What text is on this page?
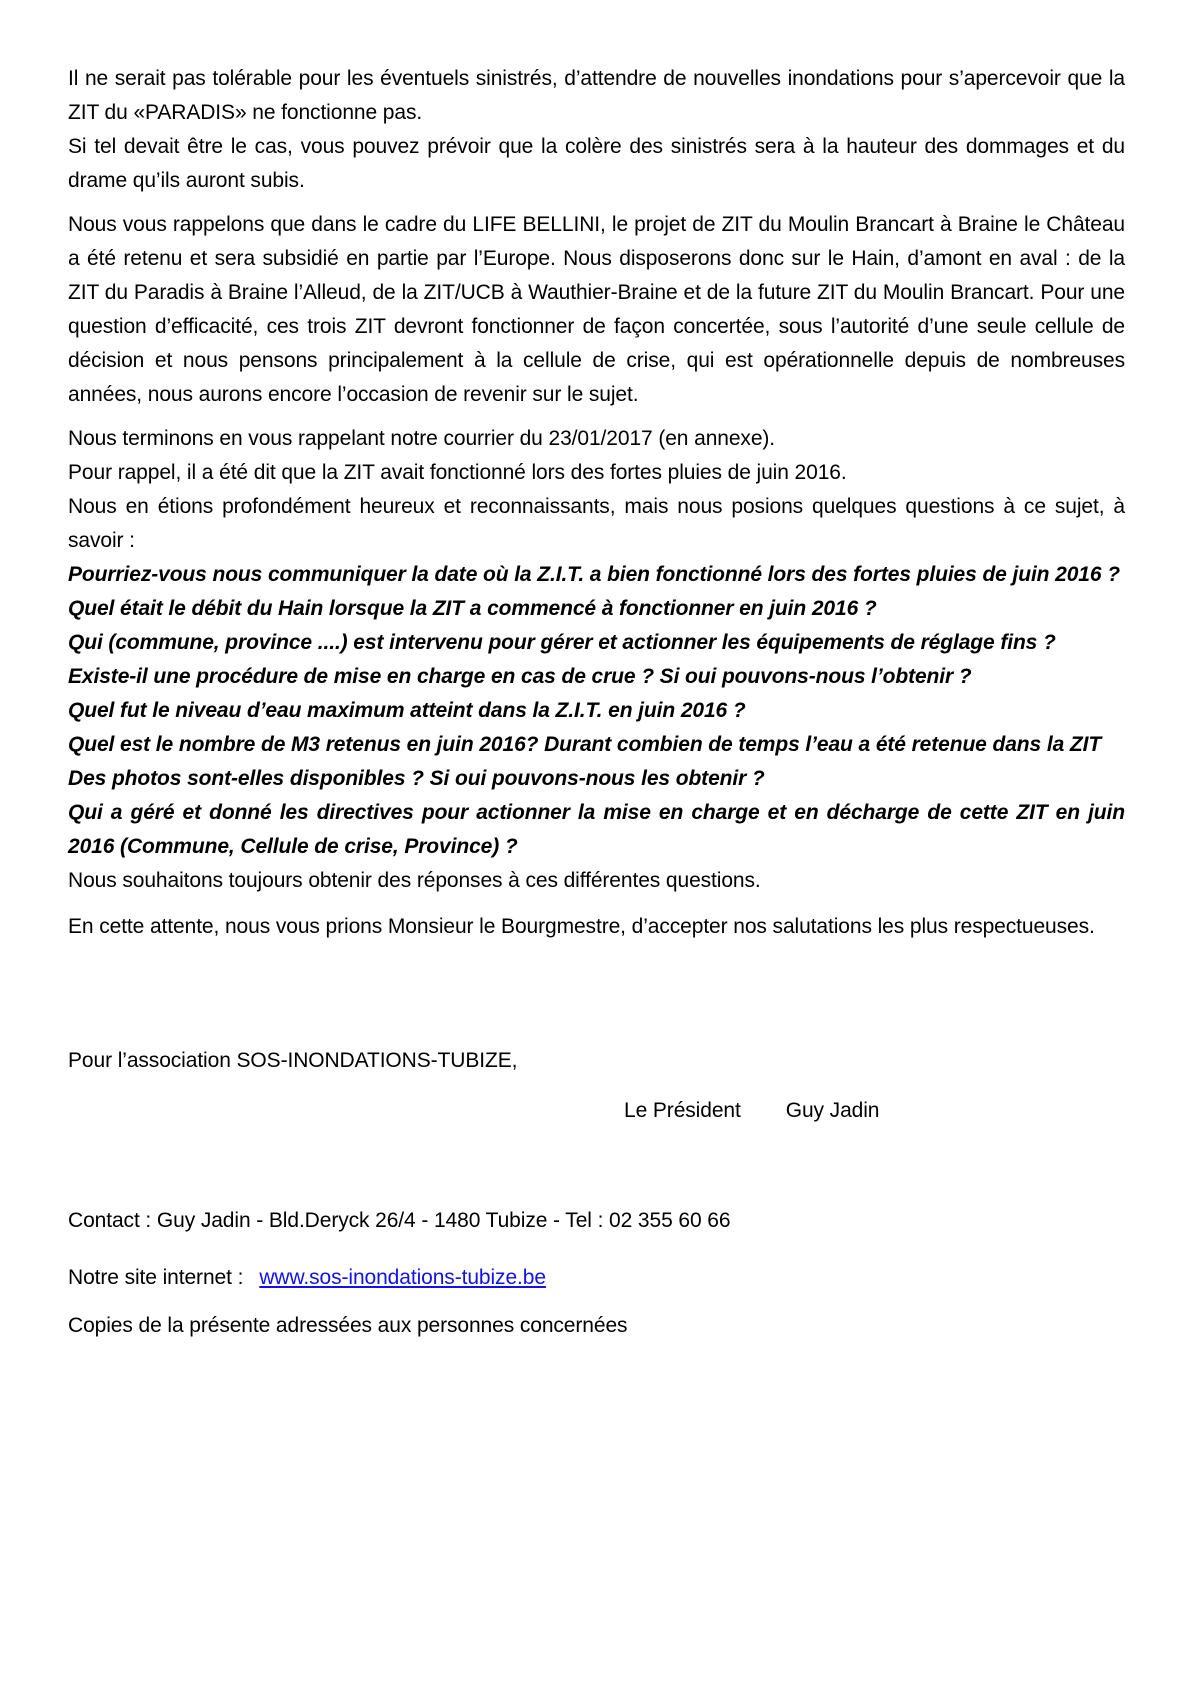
Il ne serait pas tolérable pour les éventuels sinistrés, d’attendre de nouvelles inondations pour s’apercevoir que la ZIT du «PARADIS» ne fonctionne pas.
Si tel devait être le cas, vous pouvez prévoir que la colère des sinistrés sera à la hauteur des dommages et du drame qu’ils auront subis.
Nous vous rappelons que dans le cadre du LIFE BELLINI, le projet de ZIT du Moulin Brancart à Braine le Château a été retenu et sera subsidié en partie par l’Europe. Nous disposerons donc sur le Hain, d’amont en aval : de la ZIT du Paradis à Braine l’Alleud, de la ZIT/UCB à Wauthier-Braine et de la future ZIT du Moulin Brancart. Pour une question d’efficacité, ces trois ZIT devront fonctionner de façon concertée, sous l’autorité d’une seule cellule de décision et nous pensons principalement à la cellule de crise, qui est opérationnelle depuis de nombreuses années, nous aurons encore l’occasion de revenir sur le sujet.
Nous terminons en vous rappelant notre courrier du 23/01/2017 (en annexe).
Pour rappel, il a été dit que la ZIT avait fonctionné lors des fortes pluies de juin 2016.
Nous en étions profondément heureux et reconnaissants, mais nous posions quelques questions à ce sujet, à savoir :
Pourriez-vous nous communiquer la date où la Z.I.T. a bien fonctionné lors des fortes pluies de juin 2016 ?
Quel était le débit du Hain lorsque la ZIT a commencé à fonctionner en juin 2016 ?
Qui (commune, province ....) est intervenu pour gérer et actionner les équipements de réglage fins ?
Existe-il une procédure de mise en charge en cas de crue ? Si oui pouvons-nous l’obtenir ?
Quel fut le niveau d’eau maximum atteint dans la Z.I.T. en juin 2016 ?
Quel est le nombre de M3 retenus en juin 2016? Durant combien de temps l’eau a été retenue dans la ZIT
Des photos sont-elles disponibles ? Si oui pouvons-nous les obtenir ?
Qui a géré et donné les directives pour actionner la mise en charge et en décharge de cette ZIT en juin 2016 (Commune, Cellule de crise, Province) ?
Nous souhaitons toujours obtenir des réponses à ces différentes questions.
En cette attente, nous vous prions Monsieur le Bourgmestre, d’accepter nos salutations les plus respectueuses.
Pour l’association SOS-INONDATIONS-TUBIZE,
Le Président Guy Jadin
Contact : Guy Jadin - Bld.Deryck 26/4 - 1480 Tubize - Tel : 02 355 60 66
Notre site internet : www.sos-inondations-tubize.be
Copies de la présente adressées aux personnes concernées
